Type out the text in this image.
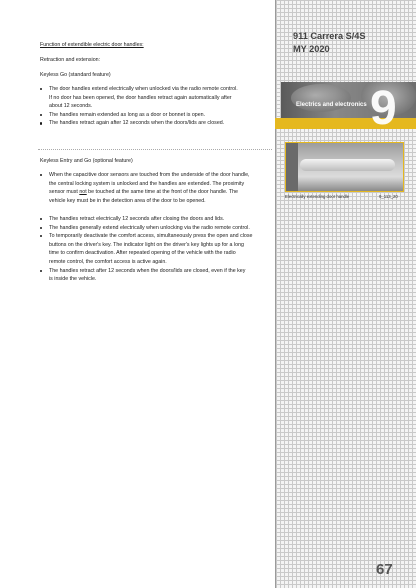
Function of extendible electric door handles:
Retraction and extension:
Keyless Go (standard feature)
The door handles extend electrically when unlocked via the radio remote control.
If no door has been opened, the door handles retract again automatically after
about 12 seconds.
The handles remain extended as long as a door or bonnet is open.
The handles retract again after 12 seconds when the doors/lids are closed.
Keyless Entry and Go (optional feature)
When the capacitive door sensors are touched from the underside of the door handle,
the central locking system is unlocked and the handles are extended. The proximity
sensor must not be touched at the same time at the front of the door handle. The
vehicle key must be in the detection area of the door to be opened.
The handles retract electrically 12 seconds after closing the doors and lids.
The handles generally extend electrically when unlocking via the radio remote control.
To temporarily deactivate the comfort access, simultaneously press the open and close
buttons on the driver's key. The indicator light on the driver's key lights up for a long
time to confirm deactivation. After repeated opening of the vehicle with the radio
remote control, the comfort access is active again.
The handles retract after 12 seconds when the doors/lids are closed, even if the key
is inside the vehicle.
911 Carrera S/4S
MY 2020
Electrics and electronics 9
Electrically extending door handle	9_113_20
67
